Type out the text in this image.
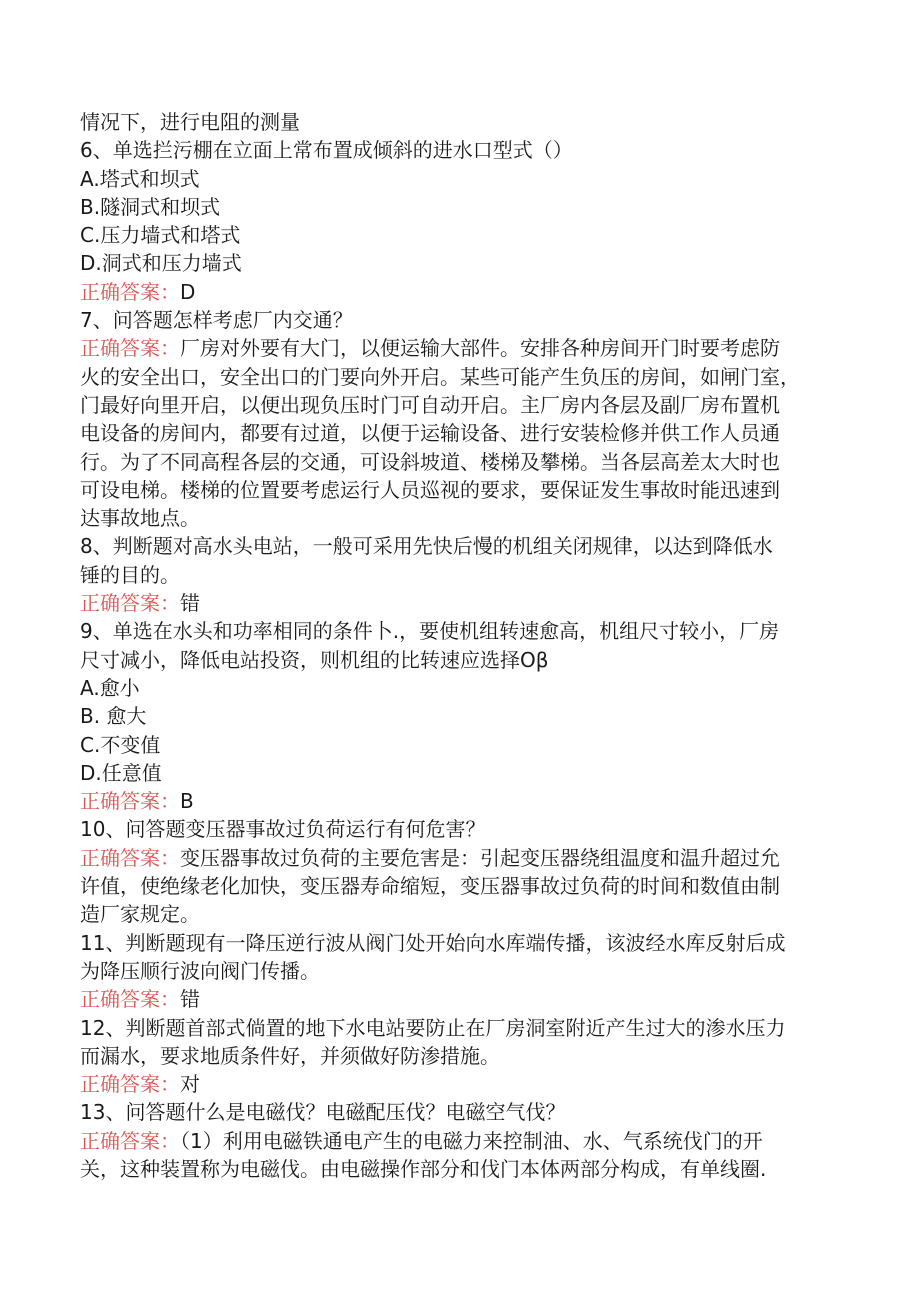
情况下，进行电阻的测量

6、单选拦污棚在立面上常布置成倾斜的进水口型式（）

A.塔式和坝式

B.隧洞式和坝式

C.压力墙式和塔式

D.洞式和压力墙式

正确答案：D

7、问答题怎样考虑厂内交通？

正确答案：厂房对外要有大门，以便运输大部件。安排各种房间开门时要考虑防
火的安全出口，安全出口的门要向外开启。某些可能产生负压的房间，如闸门室，
门最好向里开启，以便出现负压时门可自动开启。主厂房内各层及副厂房布置机
电设备的房间内，都要有过道，以便于运输设备、进行安装检修并供工作人员通
行。为了不同高程各层的交通，可设斜坡道、楼梯及攀梯。当各层高差太大时也
可设电梯。楼梯的位置要考虑运行人员巡视的要求，要保证发生事故时能迅速到
达事故地点。

8、判断题对高水头电站，一般可采用先快后慢的机组关闭规律，以达到降低水

锤的目的。

正确答案：错

9、单选在水头和功率相同的条件卜.，要使机组转速愈高，机组尺寸较小，厂房

尺寸减小，降低电站投资，则机组的比转速应选择Oβ

A.愈小

B. 愈大

C.不变值

D.任意值

正确答案：B

10、问答题变压器事故过负荷运行有何危害？

正确答案：变压器事故过负荷的主要危害是：引起变压器绕组温度和温升超过允
许值，使绝缘老化加快，变压器寿命缩短，变压器事故过负荷的时间和数值由制
造厂家规定。

11、判断题现有一降压逆行波从阀门处开始向水库端传播，该波经水库反射后成

为降压顺行波向阀门传播。

正确答案：错

12、判断题首部式倘置的地下水电站要防止在厂房洞室附近产生过大的渗水压力

而漏水，要求地质条件好，并须做好防渗措施。

正确答案：对

13、问答题什么是电磁伐？电磁配压伐？电磁空气伐？

正确答案：（1）利用电磁铁通电产生的电磁力来控制油、水、气系统伐门的开
关，这种装置称为电磁伐。由电磁操作部分和伐门本体两部分构成，有单线圈.
